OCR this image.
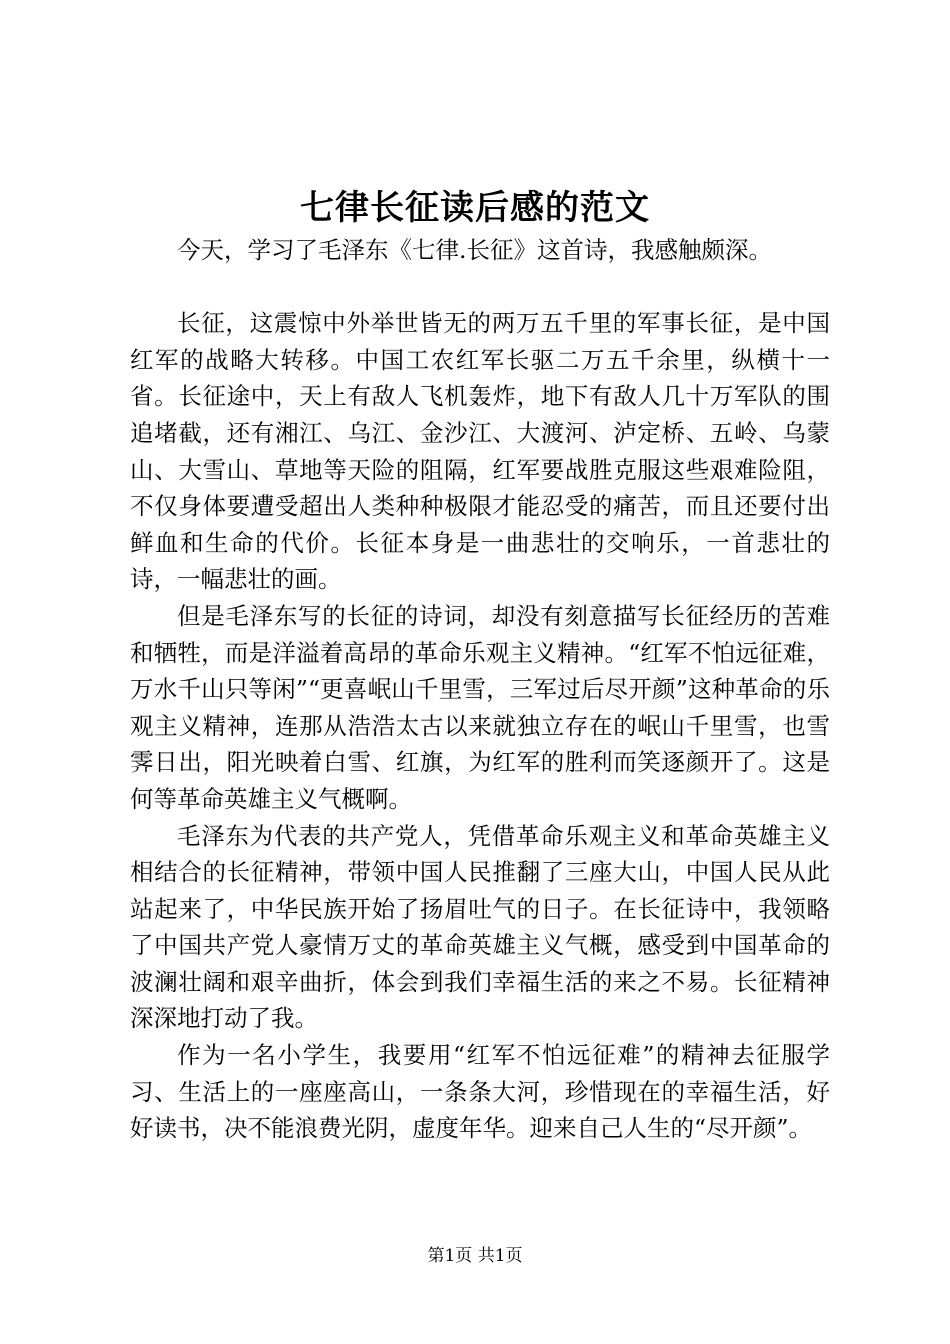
七律长征读后感的范文

今天，学习了毛泽东《七律.长征》这首诗，我感触颇深。

长征，这震惊中外举世皆无的两万五千里的军事长征，是中国红军的战略大转移。中国工农红军长驱二万五千余里，纵横十一省。长征途中，天上有敌人飞机轰炸，地下有敌人几十万军队的围追堵截，还有湘江、乌江、金沙江、大渡河、泸定桥、五岭、乌蒙山、大雪山、草地等天险的阻隔，红军要战胜克服这些艰难险阻，不仅身体要遭受超出人类种种极限才能忍受的痛苦，而且还要付出鲜血和生命的代价。长征本身是一曲悲壮的交响乐，一首悲壮的诗，一幅悲壮的画。

但是毛泽东写的长征的诗词，却没有刻意描写长征经历的苦难和牺牲，而是洋溢着高昂的革命乐观主义精神。“红军不怕远征难，万水千山只等闲”“更喜岷山千里雪，三军过后尽开颜”这种革命的乐观主义精神，连那从浩浩太古以来就独立存在的岷山千里雪，也雪霁日出，阳光映着白雪、红旗，为红军的胜利而笑逐颜开了。这是何等革命英雄主义气概啊。

毛泽东为代表的共产党人，凭借革命乐观主义和革命英雄主义相结合的长征精神，带领中国人民推翻了三座大山，中国人民从此站起来了，中华民族开始了扬眉吐气的日子。在长征诗中，我领略了中国共产党人豪情万丈的革命英雄主义气概，感受到中国革命的波澜壮阔和艰辛曲折，体会到我们幸福生活的来之不易。长征精神深深地打动了我。

作为一名小学生，我要用“红军不怕远征难”的精神去征服学习、生活上的一座座高山，一条条大河，珍惜现在的幸福生活，好好读书，决不能浪费光阴，虚度年华。迎来自己人生的“尽开颜”。

第1页 共1页
